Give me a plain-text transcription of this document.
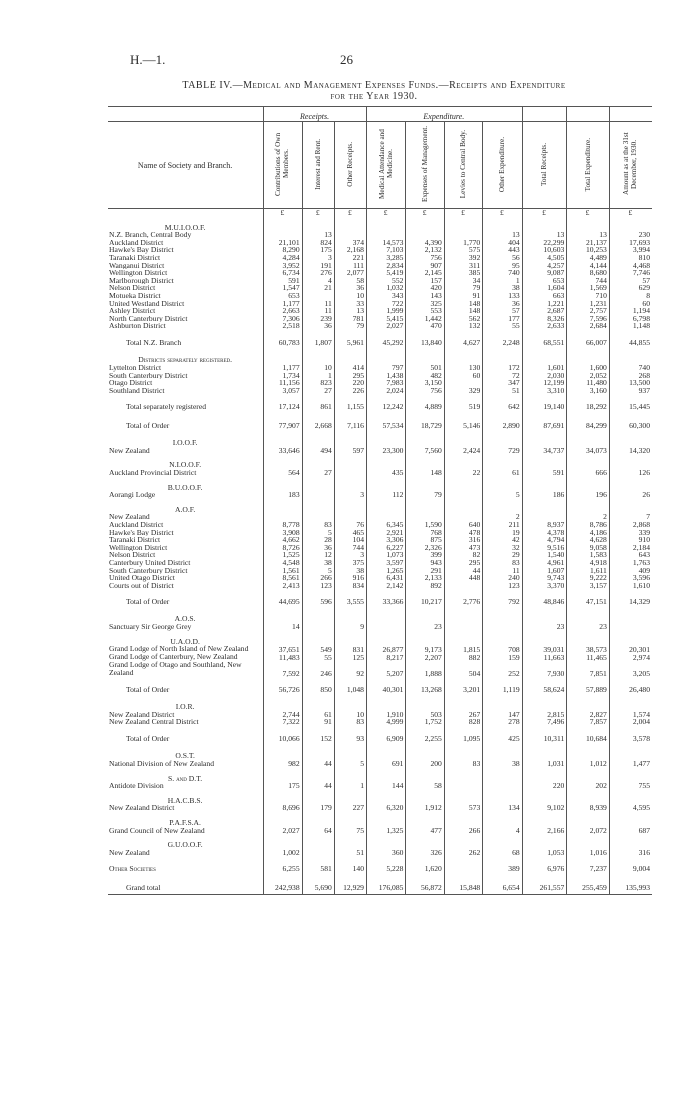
H.—1.	26
TABLE IV.—Medical and Management Expenses Funds.—Receipts and Expenditure
for the Year 1930.
	Receipts.			Expenditure.						

Name of Society and Branch.	Contributions of Own Members.	Interest and Rent.	Other Receipts.	Medical Attendance and Medicine.	Expenses of Management.	Levies to Central Body.	Other Expenditure.	Total Receipts.	Total Expenditure.	Amount as at the 31st December, 1930.
	£	£	£	£	£	£	£	£	£	£

M.U.I.O.O.F.										
N.Z. Branch, Central Body		13					13	13	13	230
Auckland District	21,101	824	374	14,573	4,390	1,770	404	22,299	21,137	17,693
Hawke's Bay District	8,290	175	2,168	7,103	2,132	575	443	10,603	10,253	3,994
Taranaki District	4,284	3	221	3,285	756	392	56	4,505	4,489	810
Wanganui District	3,952	191	111	2,834	907	311	95	4,257	4,144	4,468
Wellington District	6,734	276	2,077	5,419	2,145	385	740	9,087	8,680	7,746
Marlborough District	591	4	58	552	157	34	1	653	744	57
Nelson District	1,547	21	36	1,032	420	79	38	1,604	1,569	629
Motueka District	653		10	343	143	91	133	663	710	8
United Westland District	1,177	11	33	722	325	148	36	1,221	1,231	60
Ashley District	2,663	11	13	1,999	553	148	57	2,687	2,757	1,194
North Canterbury District	7,306	239	781	5,415	1,442	562	177	8,326	7,596	6,798
Ashburton District	2,518	36	79	2,027	470	132	55	2,633	2,684	1,148

Total N.Z. Branch	60,783	1,807	5,961	45,292	13,840	4,627	2,248	68,551	66,007	44,855

Districts separately registered.										
Lyttelton District	1,177	10	414	797	501	130	172	1,601	1,600	740
South Canterbury District	1,734	1	295	1,438	482	60	72	2,030	2,052	268
Otago District	11,156	823	220	7,983	3,150		347	12,199	11,480	13,500
Southland District	3,057	27	226	2,024	756	329	51	3,310	3,160	937

Total separately registered	17,124	861	1,155	12,242	4,889	519	642	19,140	18,292	15,445

Total of Order	77,907	2,668	7,116	57,534	18,729	5,146	2,890	87,691	84,299	60,300

I.O.O.F.										
New Zealand	33,646	494	597	23,300	7,560	2,424	729	34,737	34,073	14,320

N.I.O.O.F.										
Auckland Provincial District	564	27		435	148	22	61	591	666	126

B.U.O.O.F.										
Aorangi Lodge	183		3	112	79		5	186	196	26

A.O.F.										
New Zealand							2		2	7
Auckland District	8,778	83	76	6,345	1,590	640	211	8,937	8,786	2,868
Hawke's Bay District	3,908	5	465	2,921	768	478	19	4,378	4,186	339
Taranaki District	4,662	28	104	3,306	875	316	42	4,794	4,628	910
Wellington District	8,726	36	744	6,227	2,326	473	32	9,516	9,058	2,184
Nelson District	1,525	12	3	1,073	399	82	29	1,540	1,583	643
Canterbury United District	4,548	38	375	3,597	943	295	83	4,961	4,918	1,763
South Canterbury District	1,561	5	38	1,265	291	44	11	1,607	1,611	409
United Otago District	8,561	266	916	6,431	2,133	448	240	9,743	9,222	3,596
Courts out of District	2,413	123	834	2,142	892		123	3,370	3,157	1,610

Total of Order	44,695	596	3,555	33,366	10,217	2,776	792	48,846	47,151	14,329

A.O.S.										
Sanctuary Sir George Grey	14		9		23			23	23	

U.A.O.D.										
Grand Lodge of North Island of New Zealand	37,651	549	831	26,877	9,173	1,815	708	39,031	38,573	20,301
Grand Lodge of Canterbury, New Zealand	11,483	55	125	8,217	2,207	882	159	11,663	11,465	2,974
Grand Lodge of Otago and Southland, New Zealand	7,592	246	92	5,207	1,888	504	252	7,930	7,851	3,205

Total of Order	56,726	850	1,048	40,301	13,268	3,201	1,119	58,624	57,889	26,480

I.O.R.										
New Zealand District	2,744	61	10	1,910	503	267	147	2,815	2,827	1,574
New Zealand Central District	7,322	91	83	4,999	1,752	828	278	7,496	7,857	2,004

Total of Order	10,066	152	93	6,909	2,255	1,095	425	10,311	10,684	3,578

O.S.T.										
National Division of New Zealand	982	44	5	691	200	83	38	1,031	1,012	1,477

S. and D.T.										
Antidote Division	175	44	1	144	58			220	202	755

H.A.C.B.S.										
New Zealand District	8,696	179	227	6,320	1,912	573	134	9,102	8,939	4,595

P.A.F.S.A.										
Grand Council of New Zealand	2,027	64	75	1,325	477	266	4	2,166	2,072	687

G.U.O.O.F.										
New Zealand	1,002		51	360	326	262	68	1,053	1,016	316

Other Societies	6,255	581	140	5,228	1,620		389	6,976	7,237	9,004

Grand total	242,938	5,690	12,929	176,085	56,872	15,848	6,654	261,557	255,459	135,993
